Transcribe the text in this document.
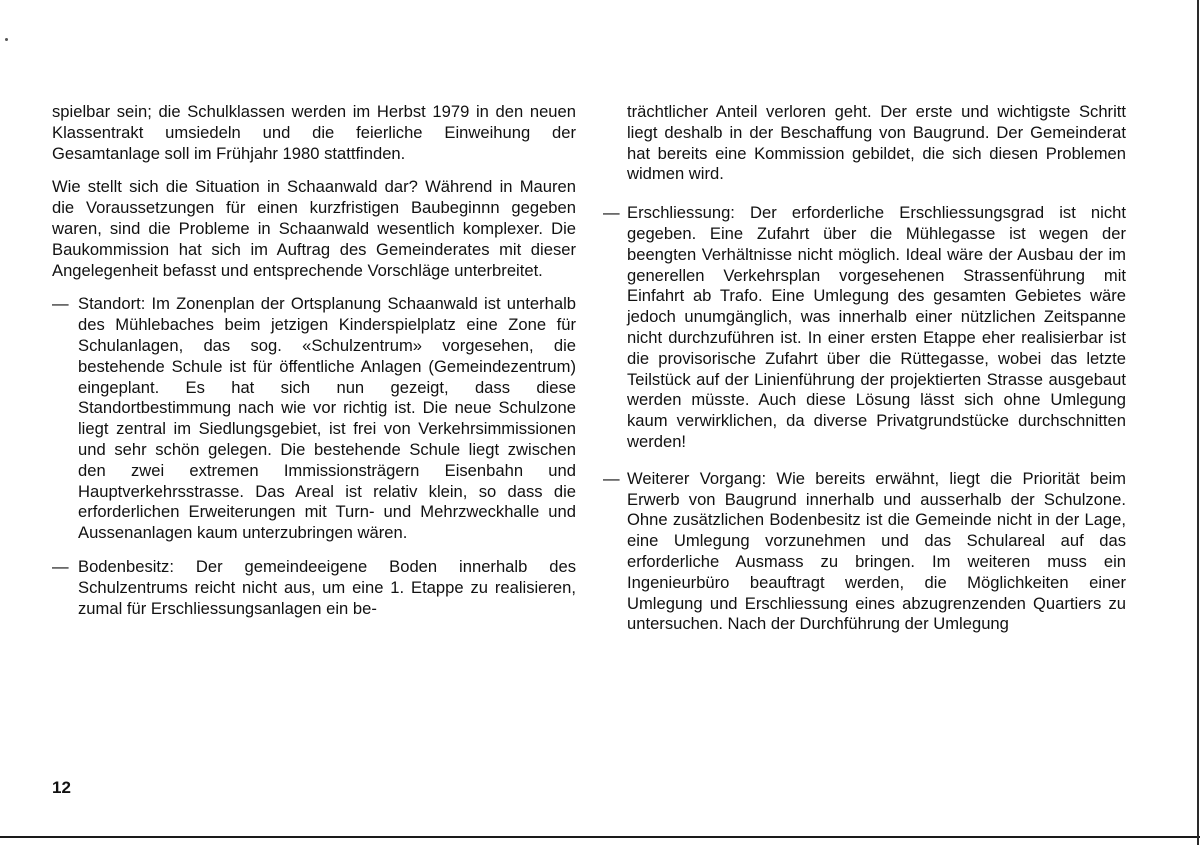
spielbar sein; die Schulklassen werden im Herbst 1979 in den neuen Klassentrakt umsiedeln und die feierliche Einweihung der Gesamtanlage soll im Frühjahr 1980 stattfinden.

Wie stellt sich die Situation in Schaanwald dar? Während in Mauren die Voraussetzungen für einen kurzfristigen Baubeginnn gegeben waren, sind die Probleme in Schaanwald wesentlich komplexer. Die Baukommission hat sich im Auftrag des Gemeinderates mit dieser Angelegenheit befasst und entsprechende Vorschläge unterbreitet.

— Standort: Im Zonenplan der Ortsplanung Schaanwald ist unterhalb des Mühlebaches beim jetzigen Kinderspielplatz eine Zone für Schulanlagen, das sog. «Schulzentrum» vorgesehen, die bestehende Schule ist für öffentliche Anlagen (Gemeindezentrum) eingeplant. Es hat sich nun gezeigt, dass diese Standortbestimmung nach wie vor richtig ist. Die neue Schulzone liegt zentral im Siedlungsgebiet, ist frei von Verkehrsimmissionen und sehr schön gelegen. Die bestehende Schule liegt zwischen den zwei extremen Immissionsträgern Eisenbahn und Hauptverkehrsstrasse. Das Areal ist relativ klein, so dass die erforderlichen Erweiterungen mit Turn- und Mehrzweckhalle und Aussenanlagen kaum unterzubringen wären.
— Bodenbesitz: Der gemeindeeigene Boden innerhalb des Schulzentrums reicht nicht aus, um eine 1. Etappe zu realisieren, zumal für Erschliessungsanlagen ein be-

trächtlicher Anteil verloren geht. Der erste und wichtigste Schritt liegt deshalb in der Beschaffung von Baugrund. Der Gemeinderat hat bereits eine Kommission gebildet, die sich diesen Problemen widmen wird.

— Erschliessung: Der erforderliche Erschliessungsgrad ist nicht gegeben. Eine Zufahrt über die Mühlegasse ist wegen der beengten Verhältnisse nicht möglich. Ideal wäre der Ausbau der im generellen Verkehrsplan vorgesehenen Strassenführung mit Einfahrt ab Trafo. Eine Umlegung des gesamten Gebietes wäre jedoch unumgänglich, was innerhalb einer nützlichen Zeitspanne nicht durchzuführen ist. In einer ersten Etappe eher realisierbar ist die provisorische Zufahrt über die Rüttegasse, wobei das letzte Teilstück auf der Linienführung der projektierten Strasse ausgebaut werden müsste. Auch diese Lösung lässt sich ohne Umlegung kaum verwirklichen, da diverse Privatgrundstücke durchschnitten werden!
— Weiterer Vorgang: Wie bereits erwähnt, liegt die Priorität beim Erwerb von Baugrund innerhalb und ausserhalb der Schulzone. Ohne zusätzlichen Bodenbesitz ist die Gemeinde nicht in der Lage, eine Umlegung vorzunehmen und das Schulareal auf das erforderliche Ausmass zu bringen. Im weiteren muss ein Ingenieurbüro beauftragt werden, die Möglichkeiten einer Umlegung und Erschliessung eines abzugrenzenden Quartiers zu untersuchen. Nach der Durchführung der Umlegung
12
